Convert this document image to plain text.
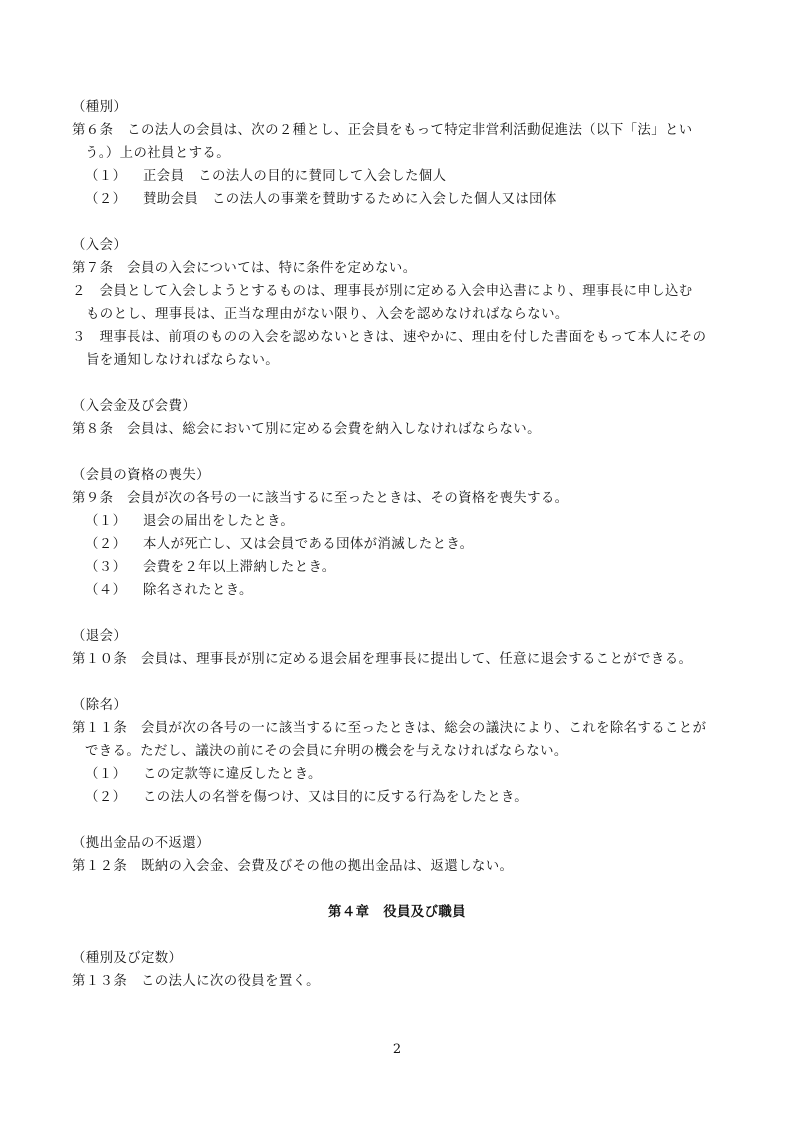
（種別）
第６条　この法人の会員は、次の２種とし、正会員をもって特定非営利活動促進法（以下「法」とい
う。）上の社員とする。
（１） 正会員　この法人の目的に賛同して入会した個人
（２） 賛助会員　この法人の事業を賛助するために入会した個人又は団体
（入会）
第７条　会員の入会については、特に条件を定めない。
２　会員として入会しようとするものは、理事長が別に定める入会申込書により、理事長に申し込む
ものとし、理事長は、正当な理由がない限り、入会を認めなければならない。
３　理事長は、前項のものの入会を認めないときは、速やかに、理由を付した書面をもって本人にその
旨を通知しなければならない。
（入会金及び会費）
第８条　会員は、総会において別に定める会費を納入しなければならない。
（会員の資格の喪失）
第９条　会員が次の各号の一に該当するに至ったときは、その資格を喪失する。
（１） 退会の届出をしたとき。
（２） 本人が死亡し、又は会員である団体が消滅したとき。
（３） 会費を２年以上滞納したとき。
（４） 除名されたとき。
（退会）
第１０条　会員は、理事長が別に定める退会届を理事長に提出して、任意に退会することができる。
（除名）
第１１条　会員が次の各号の一に該当するに至ったときは、総会の議決により、これを除名することが
できる。ただし、議決の前にその会員に弁明の機会を与えなければならない。
（１） この定款等に違反したとき。
（２） この法人の名誉を傷つけ、又は目的に反する行為をしたとき。
（拠出金品の不返還）
第１２条　既納の入会金、会費及びその他の拠出金品は、返還しない。
第４章　役員及び職員
（種別及び定数）
第１３条　この法人に次の役員を置く。
2
